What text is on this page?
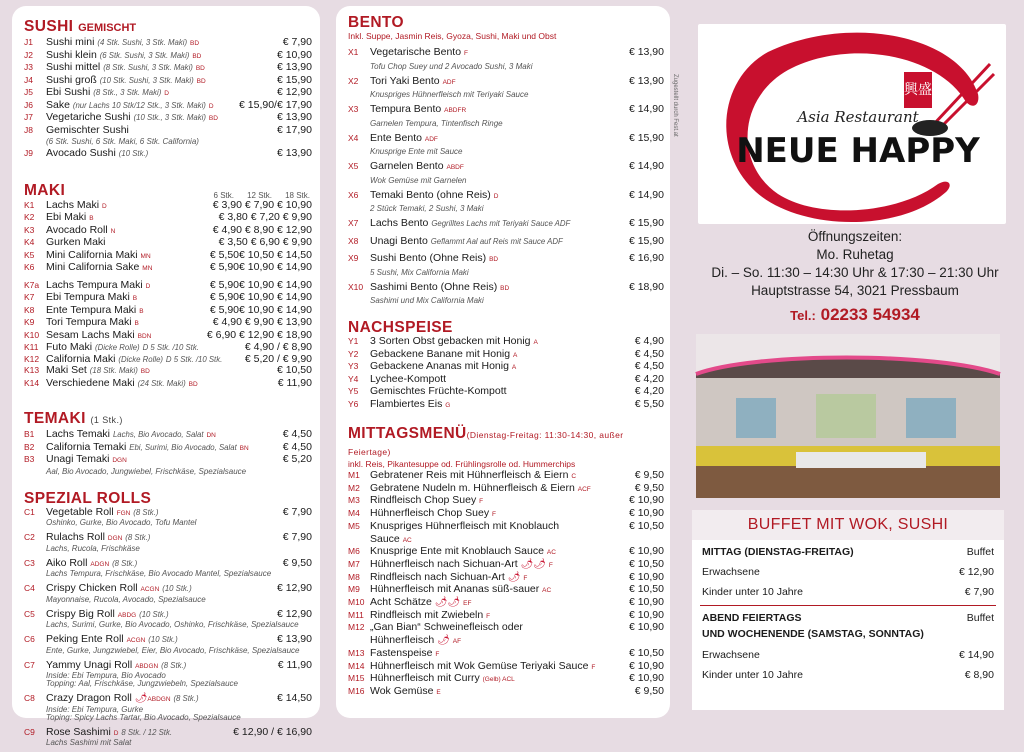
SUSHI GEMISCHT
J1	Sushi mini (4 Stk. Sushi, 3 Stk. Maki) BD	€ 7,90
J2	Sushi klein (6 Stk. Sushi, 3 Stk. Maki) BD	€ 10,90
J3	Sushi mittel (8 Stk. Sushi, 3 Stk. Maki) BD	€ 13,90
J4	Sushi groß (10 Stk. Sushi, 3 Stk. Maki) BD	€ 15,90
J5	Ebi Sushi (8 Stk., 3 Stk. Maki) D	€ 12,90
J6	Sake (nur Lachs 10 Stk/12 Stk., 3 Stk. Maki) D	€ 15,90/€ 17,90
J7	Vegetariche Sushi (10 Stk., 3 Stk. Maki) BD	€ 13,90
J8	Gemischter Sushi	€ 17,90
(6 Stk. Sushi, 6 Stk. Maki, 6 Stk. California)
J9	Avocado Sushi (10 Stk.)	€ 13,90
MAKI	6 Stk.	12 Stk.	18 Stk.
K1	Lachs Maki D	€ 3,90 € 7,90 € 10,90
K2	Ebi Maki B	€ 3,80 € 7,20 € 9,90
K3	Avocado Roll N	€ 4,90 € 8,90 € 12,90
K4	Gurken Maki	€ 3,50 € 6,90 € 9,90
K5	Mini California Maki MN	€ 5,50€ 10,50 € 14,50
K6	Mini California Sake MN	€ 5,90€ 10,90 € 14,90
K7a Lachs Tempura Maki D	€ 5,90€ 10,90 € 14,90
K7	Ebi Tempura Maki B	€ 5,90€ 10,90 € 14,90
K8	Ente Tempura Maki B	€ 5,90€ 10,90 € 14,90
K9	Tori Tempura Maki B	€ 4,90 € 9,90 € 13,90
K10 Sesam Lachs Maki BDN	€ 6,90 € 12,90 € 18,90
K11 Futo Maki (Dicke Rolle) D 5 Stk. /10 Stk.	€ 4,90 / € 8,90
K12 California Maki (Dicke Rolle) D 5 Stk. /10 Stk.	€ 5,20 / € 9,90
K13 Maki Set (18 Stk. Maki) BD	€ 10,50
K14 Verschiedene Maki (24 Stk. Maki) BD	€ 11,90
TEMAKI (1 Stk.)
B1	Lachs Temaki Lachs, Bio Avocado, Salat DN	€ 4,50
B2	California Temaki Ebi, Surimi, Bio Avocado, Salat BN	€ 4,50
B3	Unagi Temaki DGN	€ 5,20
Aal, Bio Avocado, Jungwiebel, Frischkäse, Spezialsauce
SPEZIAL ROLLS
C1	Vegetable Roll FGN (8 Stk.)	€ 7,90
Oshinko, Gurke, Bio Avocado, Tofu Mantel
C2	Rulachs Roll DGN (8 Stk.)	€ 7,90
Lachs, Rucola, Frischkäse
C3	Aiko Roll ADGN (8 Stk.)	€ 9,50
Lachs Tempura, Frischkäse, Bio Avocado Mantel, Spezialsauce
C4	Crispy Chicken Roll ACGN (10 Stk.)	€ 12,90
Mayonnaise, Rucola, Avocado, Spezialsauce
C5	Crispy Big Roll ABDG (10 Stk.)	€ 12,90
Lachs, Surimi, Gurke, Bio Avocado, Oshinko, Frischkäse, Spezialsauce
C6	Peking Ente Roll ACGN (10 Stk.)	€ 13,90
Ente, Gurke, Jungzwiebel, Eier, Bio Avocado, Frischkäse, Spezialsauce
C7	Yammy Unagi Roll ABDGN (8 Stk.)	€ 11,90
Inside: Ebi Tempura, Bio Avocado
Topping: Aal, Frischkäse, Jungzwiebeln, Spezialsauce
C8	Crazy Dragon Roll 🌶ABDGN (8 Stk.)	€ 14,50
Inside: Ebi Tempura, Gurke
Toping: Spicy Lachs Tartar, Bio Avocado, Spezialsauce
C9	Rose Sashimi D 8 Stk. / 12 Stk.	€ 12,90 / € 16,90
Lachs Sashimi mit Salat
BENTO
Inkl. Suppe, Jasmin Reis, Gyoza, Sushi, Maki und Obst
X1	Vegetarische Bento F	€ 13,90
Tofu Chop Suey und 2 Avocado Sushi, 3 Maki
X2	Tori Yaki Bento ADF	€ 13,90
Knuspriges Hühnerfleisch mit Teriyaki Sauce
X3	Tempura Bento ABDFR	€ 14,90
Garnelen Tempura, Tintenfisch Ringe
X4	Ente Bento ADF	€ 15,90
Knusprige Ente mit Sauce
X5	Garnelen Bento ABDF	€ 14,90
Wok Gemüse mit Garnelen
X6	Temaki Bento (ohne Reis) D	€ 14,90
2 Stück Temaki, 2 Sushi, 3 Maki
X7	Lachs Bento Gegrilltes Lachs mit Teriyaki Sauce ADF	€ 15,90
X8	Unagi Bento Geflammt Aal auf Reis mit Sauce ADF	€ 15,90
X9	Sushi Bento (Ohne Reis) BD	€ 16,90
5 Sushi, Mix California Maki
X10 Sashimi Bento (Ohne Reis) BD	€ 18,90
Sashimi und Mix California Maki
NACHSPEISE
Y1	3 Sorten Obst gebacken mit Honig A	€ 4,90
Y2	Gebackene Banane mit Honig A	€ 4,50
Y3	Gebackene Ananas mit Honig A	€ 4,50
Y4	Lychee-Kompott	€ 4,20
Y5	Gemischtes Früchte-Kompott	€ 4,20
Y6	Flambiertes Eis G	€ 5,50
MITTAGSMENÜ(Dienstag-Freitag: 11:30-14:30, außer Feiertage)
inkl. Reis, Pikantesuppe od. Frühlingsrolle od. Hummerchips
M1 Gebratener Reis mit Hühnerfleisch & Eiern C	€ 9,50
M2 Gebratene Nudeln m. Hühnerfleisch & Eiern ACF	€ 9,50
M3 Rindfleisch Chop Suey F	€ 10,90
M4 Hühnerfleisch Chop Suey F	€ 10,90
M5 Knuspriges Hühnerfleisch mit Knoblauch	€ 10,50
Sauce AC
M6 Knusprige Ente mit Knoblauch Sauce AC	€ 10,90
M7 Hühnerfleisch nach Sichuan-Art 🌶🌶 F	€ 10,50
M8 Rindfleisch nach Sichuan-Art 🌶 F	€ 10,90
M9 Hühnerfleisch mit Ananas süß-sauer AC	€ 10,50
M10 Acht Schätze 🌶🌶 EF	€ 10,90
M11 Rindfleisch mit Zwiebeln F	€ 10,90
M12 „Gan Bian“ Schweinefleisch oder	€ 10,90
Hühnerfleisch 🌶 AF
M13 Fastenspeise F	€ 10,50
M14 Hühnerfleisch mit Wok Gemüse Teriyaki Sauce F	€ 10,90
M15 Hühnerfleisch mit Curry (Gelb) ACL	€ 10,90
M16 Wok Gemüse E	€ 9,50
Zugestellt durch Fest.at	興盛
Asia Restaurant
NEUE HAPPY
Öffnungszeiten:
Mo. Ruhetag
Di. – So. 11:30 – 14:30 Uhr & 17:30 – 21:30 Uhr
Hauptstrasse 54, 3021 Pressbaum
Tel.: 02233 54934
BUFFET MIT WOK, SUSHI
MITTAG (DIENSTAG-FREITAG)	Buffet
Erwachsene	€ 12,90
Kinder unter 10 Jahre	€ 7,90
ABEND FEIERTAGS	Buffet
UND WOCHENENDE (SAMSTAG, SONNTAG)
Erwachsene	€ 14,90
Kinder unter 10 Jahre	€ 8,90
